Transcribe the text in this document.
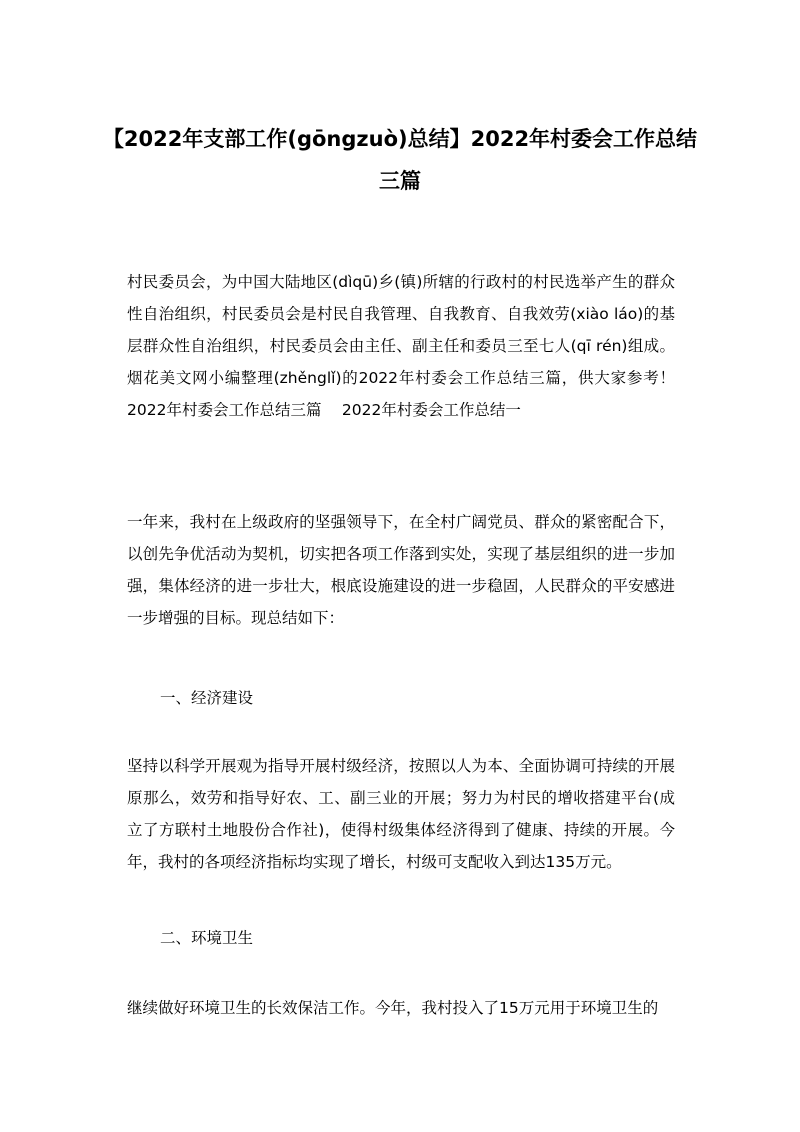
【2022年支部工作(gōngzuò)总结】2022年村委会工作总结三篇

村民委员会，为中国大陆地区(dìqū)乡(镇)所辖的行政村的村民选举产生的群众性自治组织，村民委员会是村民自我管理、自我教育、自我效劳(xiào láo)的基层群众性自治组织，村民委员会由主任、副主任和委员三至七人(qī rén)组成。烟花美文网小编整理(zhěnglǐ)的2022年村委会工作总结三篇，供大家参考！　2022年村委会工作总结三篇　 2022年村委会工作总结一

一年来，我村在上级政府的坚强领导下，在全村广阔党员、群众的紧密配合下，以创先争优活动为契机，切实把各项工作落到实处，实现了基层组织的进一步加强，集体经济的进一步壮大，根底设施建设的进一步稳固，人民群众的平安感进一步增强的目标。现总结如下：

一、经济建设

坚持以科学开展观为指导开展村级经济，按照以人为本、全面协调可持续的开展原那么，效劳和指导好农、工、副三业的开展；努力为村民的增收搭建平台(成立了方联村土地股份合作社)，使得村级集体经济得到了健康、持续的开展。今年，我村的各项经济指标均实现了增长，村级可支配收入到达135万元。

二、环境卫生

继续做好环境卫生的长效保洁工作。今年，我村投入了15万元用于环境卫生的
